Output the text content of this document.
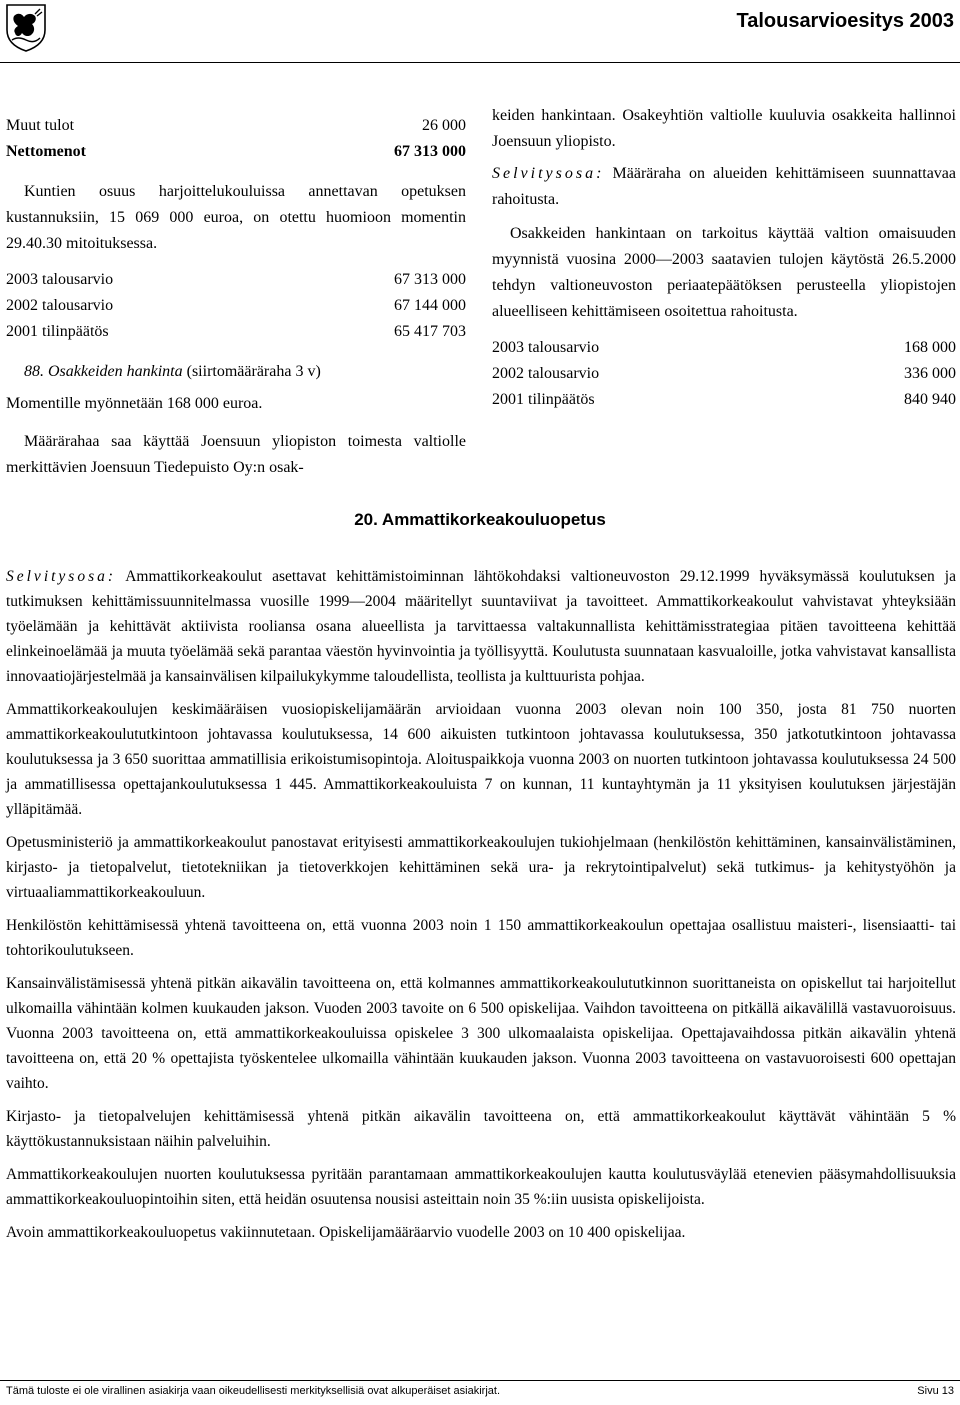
Talousarvioesitys 2003
Muut tulot	26 000
Nettomenot	67 313 000
Kuntien osuus harjoittelukouluissa annettavan opetuksen kustannuksiin, 15 069 000 euroa, on otettu huomioon momentin 29.40.30 mitoituksessa.
2003 talousarvio	67 313 000
2002 talousarvio	67 144 000
2001 tilinpäätös	65 417 703
88. Osakkeiden hankinta (siirtomääräraha 3 v)
Momentille myönnetään 168 000 euroa.
Määrärahaa saa käyttää Joensuun yliopiston toimesta valtiolle merkittävien Joensuun Tiedepuisto Oy:n osak-
keiden hankintaan. Osakeyhtiön valtiolle kuuluvia osakkeita hallinnoi Joensuun yliopisto.
Selvitysosa: Määräraha on alueiden kehittämiseen suunnattavaa rahoitusta.
Osakkeiden hankintaan on tarkoitus käyttää valtion omaisuuden myynnistä vuosina 2000—2003 saatavien tulojen käytöstä 26.5.2000 tehdyn valtioneuvoston periaatepäätöksen perusteella yliopistojen alueelliseen kehittämiseen osoitettua rahoitusta.
2003 talousarvio	168 000
2002 talousarvio	336 000
2001 tilinpäätös	840 940
20. Ammattikorkeakouluopetus

Selvitysosa: Ammattikorkeakoulut asettavat kehittämistoiminnan lähtökohdaksi valtioneuvoston 29.12.1999 hyväksymässä koulutuksen ja tutkimuksen kehittämissuunnitelmassa vuosille 1999—2004 määritellyt suuntaviivat ja tavoitteet. Ammattikorkeakoulut vahvistavat yhteyksiään työelämään ja kehittävät aktiivista rooliansa osana alueellista ja tarvittaessa valtakunnallista kehittämisstrategiaa pitäen tavoitteena kehittää elinkeinoelämää ja muuta työelämää sekä parantaa väestön hyvinvointia ja työllisyyttä. Koulutusta suunnataan kasvualoille, jotka vahvistavat kansallista innovaatiojärjestelmää ja kansainvälisen kilpailukykymme taloudellista, teollista ja kulttuurista pohjaa.

Ammattikorkeakoulujen keskimääräisen vuosiopiskelijamäärän arvioidaan vuonna 2003 olevan noin 100 350, josta 81 750 nuorten ammattikorkeakoulututkintoon johtavassa koulutuksessa, 14 600 aikuisten tutkintoon johtavassa koulutuksessa, 350 jatkotutkintoon johtavassa koulutuksessa ja 3 650 suorittaa ammatillisia erikoistumisopintoja. Aloituspaikkoja vuonna 2003 on nuorten tutkintoon johtavassa koulutuksessa 24 500 ja ammatillisessa opettajankoulutuksessa 1 445. Ammattikorkeakouluista 7 on kunnan, 11 kuntayhtymän ja 11 yksityisen koulutuksen järjestäjän ylläpitämää.

Opetusministeriö ja ammattikorkeakoulut panostavat erityisesti ammattikorkeakoulujen tukiohjelmaan (henkilöstön kehittäminen, kansainvälistäminen, kirjasto- ja tietopalvelut, tietotekniikan ja tietoverkkojen kehittäminen sekä ura- ja rekrytointipalvelut) sekä tutkimus- ja kehitystyöhön ja virtuaaliammattikorkeakouluun.

Henkilöstön kehittämisessä yhtenä tavoitteena on, että vuonna 2003 noin 1 150 ammattikorkeakoulun opettajaa osallistuu maisteri-, lisensiaatti- tai tohtorikoulutukseen.

Kansainvälistämisessä yhtenä pitkän aikavälin tavoitteena on, että kolmannes ammattikorkeakoulututkinnon suorittaneista on opiskellut tai harjoitellut ulkomailla vähintään kolmen kuukauden jakson. Vuoden 2003 tavoite on 6 500 opiskelijaa. Vaihdon tavoitteena on pitkällä aikavälillä vastavuoroisuus. Vuonna 2003 tavoitteena on, että ammattikorkeakouluissa opiskelee 3 300 ulkomaalaista opiskelijaa. Opettajavaihdossa pitkän aikavälin yhtenä tavoitteena on, että 20 % opettajista työskentelee ulkomailla vähintään kuukauden jakson. Vuonna 2003 tavoitteena on vastavuoroisesti 600 opettajan vaihto.

Kirjasto- ja tietopalvelujen kehittämisessä yhtenä pitkän aikavälin tavoitteena on, että ammattikorkeakoulut käyttävät vähintään 5 % käyttökustannuksistaan näihin palveluihin.

Ammattikorkeakoulujen nuorten koulutuksessa pyritään parantamaan ammattikorkeakoulujen kautta koulutusväylää etenevien pääsymahdollisuuksia ammattikorkeakouluopintoihin siten, että heidän osuutensa nousisi asteittain noin 35 %:iin uusista opiskelijoista.

Avoin ammattikorkeakouluopetus vakiinnutetaan. Opiskelijamääräarvio vuodelle 2003 on 10 400 opiskelijaa.

Tämä tuloste ei ole virallinen asiakirja vaan oikeudellisesti merkityksellisiä ovat alkuperäiset asiakirjat.	Sivu 13
